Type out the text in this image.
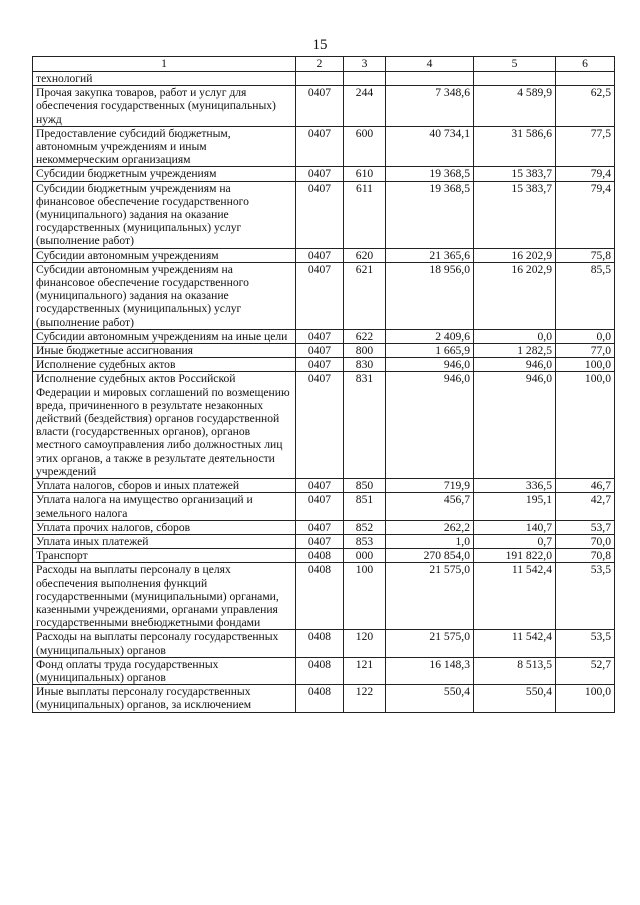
15
1	2	3	4	5	6
технологий					
Прочая закупка товаров, работ и услуг для обеспечения государственных (муниципальных) нужд	0407	244	7 348,6	4 589,9	62,5
Предоставление субсидий бюджетным, автономным учреждениям и иным некоммерческим организациям	0407	600	40 734,1	31 586,6	77,5
Субсидии бюджетным учреждениям	0407	610	19 368,5	15 383,7	79,4
Субсидии бюджетным учреждениям на финансовое обеспечение государственного (муниципального) задания на оказание государственных (муниципальных) услуг (выполнение работ)	0407	611	19 368,5	15 383,7	79,4
Субсидии автономным учреждениям	0407	620	21 365,6	16 202,9	75,8
Субсидии автономным учреждениям на финансовое обеспечение государственного (муниципального) задания на оказание государственных (муниципальных) услуг (выполнение работ)	0407	621	18 956,0	16 202,9	85,5
Субсидии автономным учреждениям на иные цели	0407	622	2 409,6	0,0	0,0
Иные бюджетные ассигнования	0407	800	1 665,9	1 282,5	77,0
Исполнение судебных актов	0407	830	946,0	946,0	100,0
Исполнение судебных актов Российской Федерации и мировых соглашений по возмещению вреда, причиненного в результате незаконных действий (бездействия) органов государственной власти (государственных органов), органов местного самоуправления либо должностных лиц этих органов, а также в результате деятельности учреждений	0407	831	946,0	946,0	100,0
Уплата налогов, сборов и иных платежей	0407	850	719,9	336,5	46,7
Уплата налога на имущество организаций и земельного налога	0407	851	456,7	195,1	42,7
Уплата прочих налогов, сборов	0407	852	262,2	140,7	53,7
Уплата иных платежей	0407	853	1,0	0,7	70,0
Транспорт	0408	000	270 854,0	191 822,0	70,8
Расходы на выплаты персоналу в целях обеспечения выполнения функций государственными (муниципальными) органами, казенными учреждениями, органами управления государственными внебюджетными фондами	0408	100	21 575,0	11 542,4	53,5
Расходы на выплаты персоналу государственных (муниципальных) органов	0408	120	21 575,0	11 542,4	53,5
Фонд оплаты труда государственных (муниципальных) органов	0408	121	16 148,3	8 513,5	52,7
Иные выплаты персоналу государственных (муниципальных) органов, за исключением	0408	122	550,4	550,4	100,0
